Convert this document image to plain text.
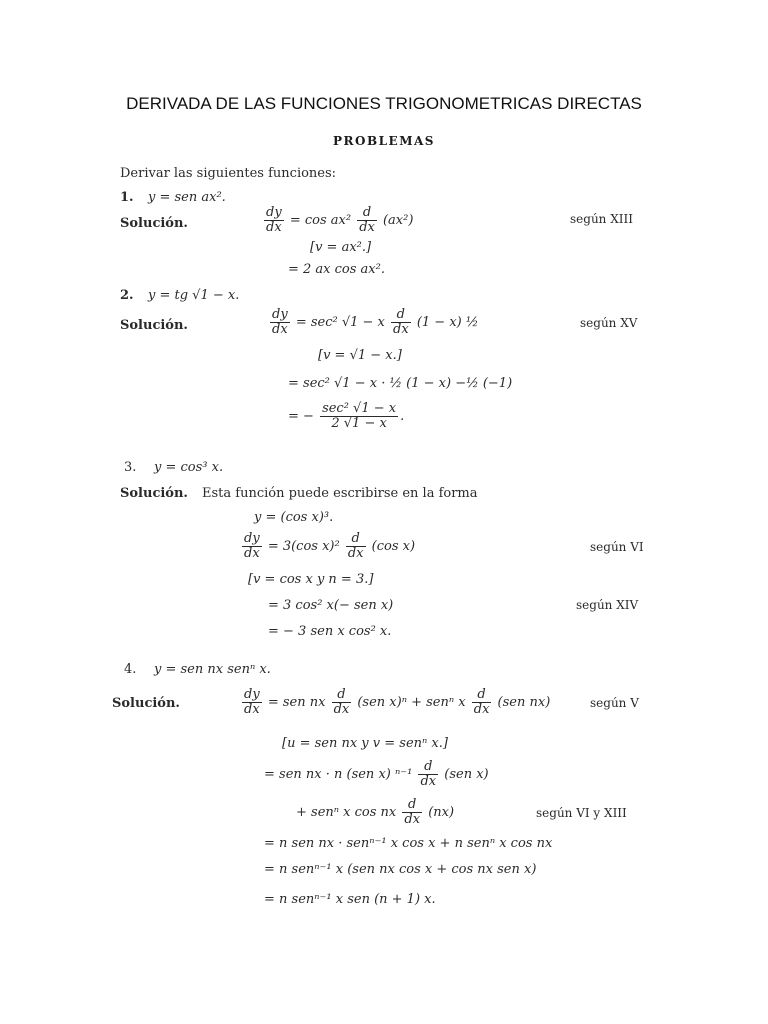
DERIVADA DE LAS FUNCIONES TRIGONOMETRICAS DIRECTAS
PROBLEMAS
Derivar las siguientes funciones:
1. y = sen ax².
Solución.	$\frac{dy}{dx} = \cos ax^2 \frac{d}{dx} (ax^2)$	según XIII
[v = ax².]
= 2 ax cos ax².
2. y = tg √1 − x.
Solución.	$\frac{dy}{dx} = \sec^2$ √1 − x $\frac{d}{dx} (1 - x)$ ½	según XV
[v = √1 − x.]
= sec² √1 − x · ½ (1 − x) −½ (−1)
= − $\frac{\text{sec² √1 − x}}{2 √1 - x}$ .
3. y = cos³ x.
Solución. Esta función puede escribirse en la forma
y = (cos x)³.
$\frac{dy}{dx} = 3(\cos$ $x)^2 \frac{d}{dx} (\cos$ x)	según VI
[v = cos x y n = 3.]
= 3 cos² x(− sen x)	según XIV
= − 3 sen x cos² x.
4. y = sen nx senⁿ x.
Solución.	$\frac{dy}{dx}$ = sen nx $\frac{d}{dx} (sen$ x)ⁿ + senⁿ x $\frac{d}{dx} (sen$ nx)	según V
[u = sen nx y v = senⁿ x.]
= sen nx · n (sen x) $^{n-1} \frac{d}{dx} (sen$ x)
+ senⁿ x cos nx $\frac{d}{dx} (nx)$	según VI y XIII
= n sen nx · senⁿ⁻¹ x cos x + n senⁿ x cos nx
= n senⁿ⁻¹ x (sen nx cos x + cos nx sen x)
= n senⁿ⁻¹ x sen (n + 1) x.
